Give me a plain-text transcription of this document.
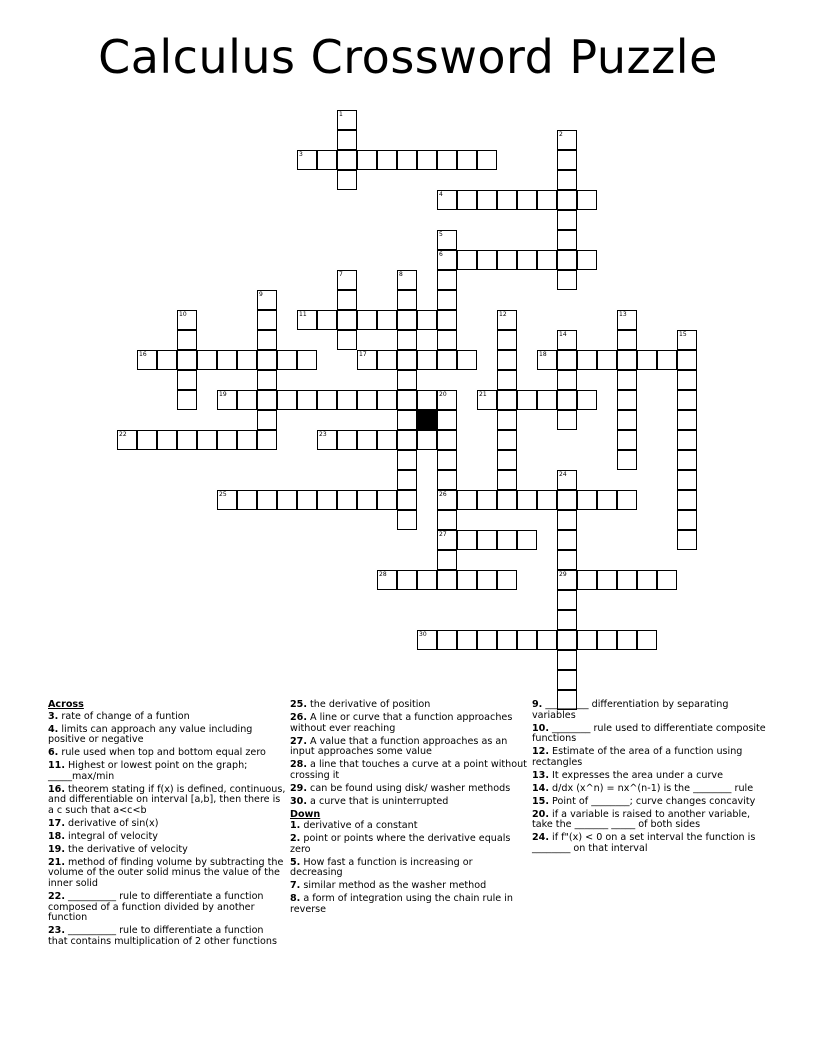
Calculus Crossword Puzzle
1
2
3
4
5
6
7	8
9
10	11	12	13
14	15
16	17	18
19	20
26
27
21
22	23
24
29
25
28
30
Across
3. rate of change of a funtion
4. limits can approach any value including positive or negative
6. rule used when top and bottom equal zero
11. Highest or lowest point on the graph; _____max/min
16. theorem stating if f(x) is defined, continuous, and differentiable on interval [a,b], then there is a c such that a<c<b
17. derivative of sin(x)
18. integral of velocity
19. the derivative of velocity
21. method of finding volume by subtracting the volume of the outer solid minus the value of the inner solid
22. __________ rule to differentiate a function composed of a function divided by another function
23. __________ rule to differentiate a function that contains multiplication of 2 other functions
25. the derivative of position
26. A line or curve that a function approaches without ever reaching
27. A value that a function approaches as an input approaches some value
28. a line that touches a curve at a point without crossing it
29. can be found using disk/ washer methods
30. a curve that is uninterrupted
Down
1. derivative of a constant
2. point or points where the derivative equals zero
5. How fast a function is increasing or decreasing
7. similar method as the washer method
8. a form of integration using the chain rule in reverse
9. _________ differentiation by separating variables
10. ________ rule used to differentiate composite functions
12. Estimate of the area of a function using rectangles
13. It expresses the area under a curve
14. d/dx (x^n) = nx^(n-1) is the ________ rule
15. Point of ________; curve changes concavity
20. if a variable is raised to another variable, take the _______ _____ of both sides
24. if f"(x) < 0 on a set interval the function is ________ on that interval
